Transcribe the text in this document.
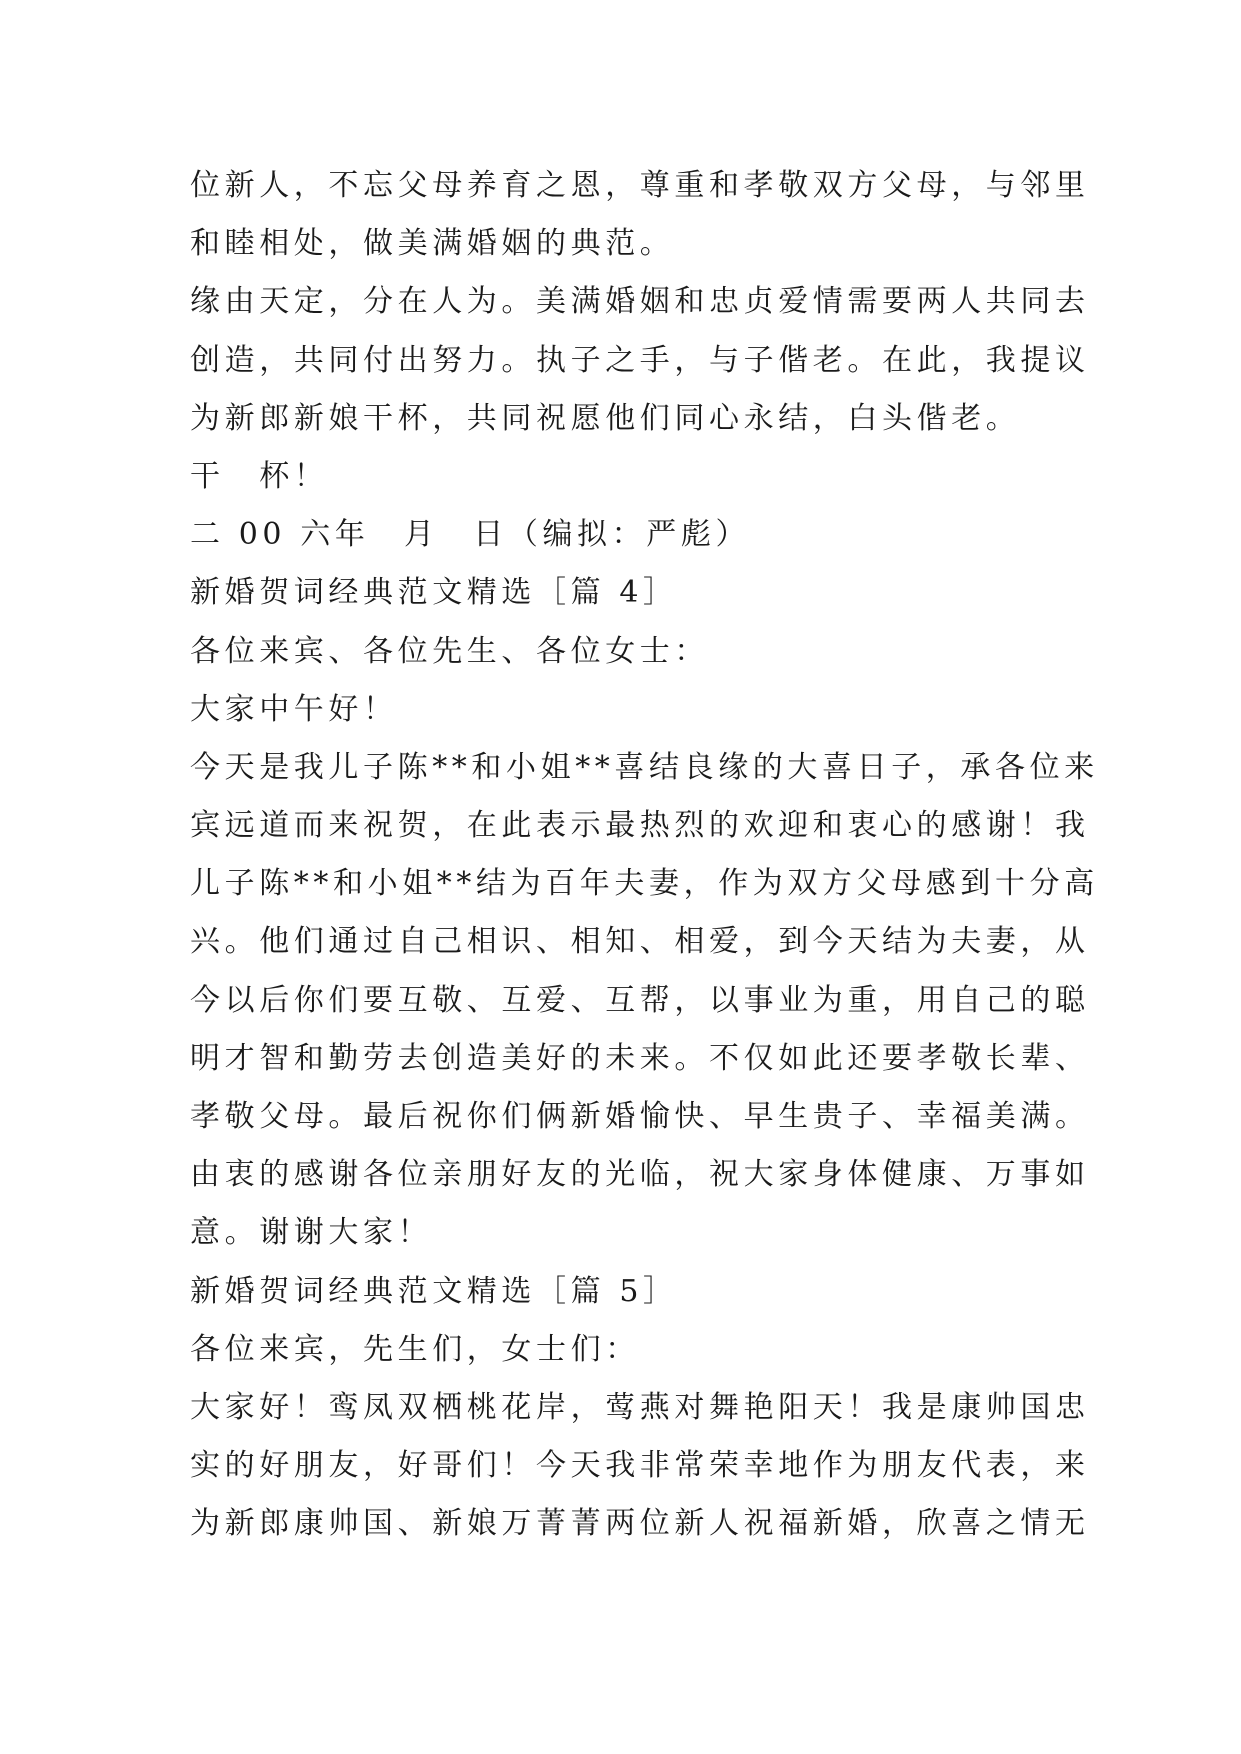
位新人，不忘父母养育之恩，尊重和孝敬双方父母，与邻里
和睦相处，做美满婚姻的典范。
缘由天定，分在人为。美满婚姻和忠贞爱情需要两人共同去
创造，共同付出努力。执子之手，与子偕老。在此，我提议
为新郎新娘干杯，共同祝愿他们同心永结，白头偕老。
干　杯！
二 00 六年　月　日（编拟：严彪）
新婚贺词经典范文精选［篇 4］
各位来宾、各位先生、各位女士：
大家中午好！
今天是我儿子陈**和小姐**喜结良缘的大喜日子，承各位来
宾远道而来祝贺，在此表示最热烈的欢迎和衷心的感谢！我
儿子陈**和小姐**结为百年夫妻，作为双方父母感到十分高
兴。他们通过自己相识、相知、相爱，到今天结为夫妻，从
今以后你们要互敬、互爱、互帮，以事业为重，用自己的聪
明才智和勤劳去创造美好的未来。不仅如此还要孝敬长辈、
孝敬父母。最后祝你们俩新婚愉快、早生贵子、幸福美满。
由衷的感谢各位亲朋好友的光临，祝大家身体健康、万事如
意。谢谢大家！
新婚贺词经典范文精选［篇 5］
各位来宾，先生们，女士们：
大家好！鸾凤双栖桃花岸，莺燕对舞艳阳天！我是康帅国忠
实的好朋友，好哥们！今天我非常荣幸地作为朋友代表，来
为新郎康帅国、新娘万菁菁两位新人祝福新婚，欣喜之情无
